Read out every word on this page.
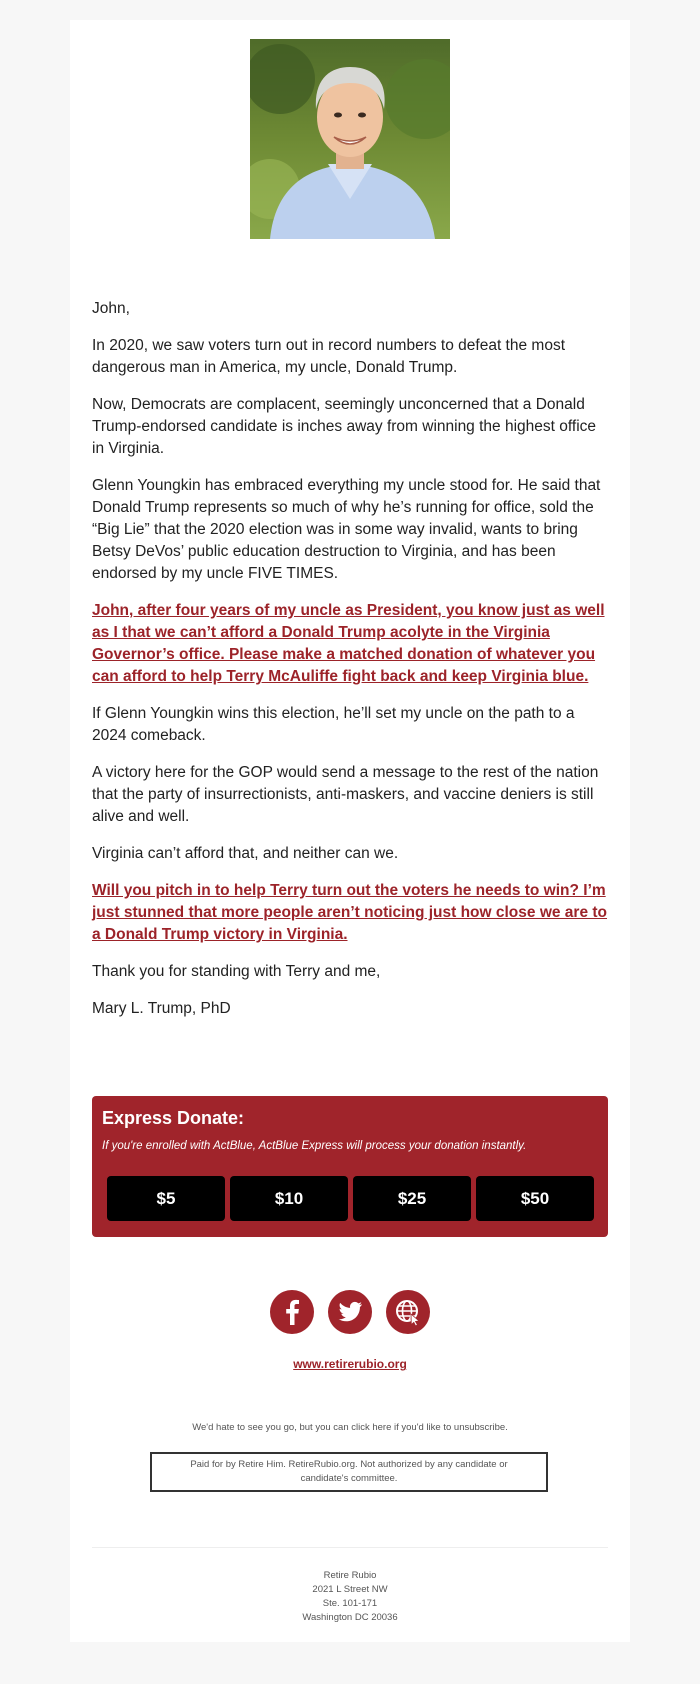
John,

In 2020, we saw voters turn out in record numbers to defeat the most dangerous man in America, my uncle, Donald Trump.

Now, Democrats are complacent, seemingly unconcerned that a Donald Trump-endorsed candidate is inches away from winning the highest office in Virginia.

Glenn Youngkin has embraced everything my uncle stood for. He said that Donald Trump represents so much of why he’s running for office, sold the “Big Lie” that the 2020 election was in some way invalid, wants to bring Betsy DeVos’ public education destruction to Virginia, and has been endorsed by my uncle FIVE TIMES.

John, after four years of my uncle as President, you know just as well as I that we can’t afford a Donald Trump acolyte in the Virginia Governor’s office. Please make a matched donation of whatever you can afford to help Terry McAuliffe fight back and keep Virginia blue.

If Glenn Youngkin wins this election, he’ll set my uncle on the path to a 2024 comeback.

A victory here for the GOP would send a message to the rest of the nation that the party of insurrectionists, anti-maskers, and vaccine deniers is still alive and well.

Virginia can’t afford that, and neither can we.

Will you pitch in to help Terry turn out the voters he needs to win? I’m just stunned that more people aren’t noticing just how close we are to a Donald Trump victory in Virginia.

Thank you for standing with Terry and me,

Mary L. Trump, PhD

Express Donate:
If you're enrolled with ActBlue, ActBlue Express will process your donation instantly.
$5	$10	$25	$50
www.retirerubio.org
We'd hate to see you go, but you can click here if you'd like to unsubscribe.
Paid for by Retire Him. RetireRubio.org. Not authorized by any candidate or candidate's committee.
Retire Rubio
2021 L Street NW
Ste. 101-171
Washington DC 20036
